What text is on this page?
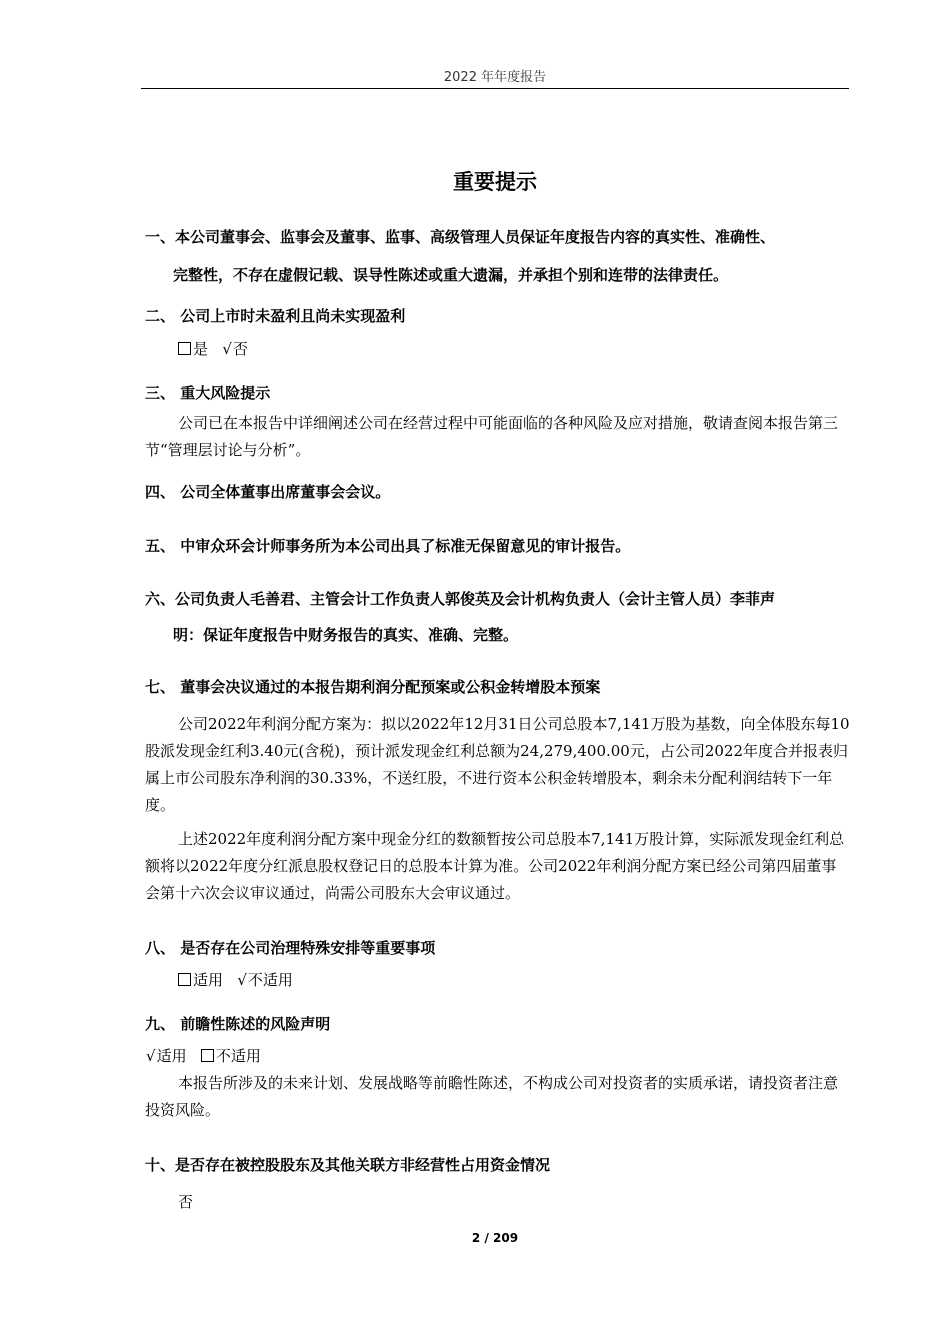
2022 年年度报告
重要提示
一、本公司董事会、监事会及董事、监事、高级管理人员保证年度报告内容的真实性、准确性、
完整性，不存在虚假记载、误导性陈述或重大遗漏，并承担个别和连带的法律责任。
二、 公司上市时未盈利且尚未实现盈利
是 √否
三、 重大风险提示
公司已在本报告中详细阐述公司在经营过程中可能面临的各种风险及应对措施，敬请查阅本报告第三节“管理层讨论与分析”。
四、 公司全体董事出席董事会会议。
五、 中审众环会计师事务所为本公司出具了标准无保留意见的审计报告。
六、公司负责人毛善君、主管会计工作负责人郭俊英及会计机构负责人（会计主管人员）李菲声
明：保证年度报告中财务报告的真实、准确、完整。
七、 董事会决议通过的本报告期利润分配预案或公积金转增股本预案
公司2022年利润分配方案为：拟以2022年12月31日公司总股本7,141万股为基数，向全体股东每10股派发现金红利3.40元(含税)，预计派发现金红利总额为24,279,400.00元，占公司2022年度合并报表归属上市公司股东净利润的30.33%，不送红股，不进行资本公积金转增股本，剩余未分配利润结转下一年度。
上述2022年度利润分配方案中现金分红的数额暂按公司总股本7,141万股计算，实际派发现金红利总额将以2022年度分红派息股权登记日的总股本计算为准。公司2022年利润分配方案已经公司第四届董事会第十六次会议审议通过，尚需公司股东大会审议通过。
八、 是否存在公司治理特殊安排等重要事项
适用 √不适用
九、 前瞻性陈述的风险声明
√适用 不适用
本报告所涉及的未来计划、发展战略等前瞻性陈述，不构成公司对投资者的实质承诺，请投资者注意投资风险。
十、是否存在被控股股东及其他关联方非经营性占用资金情况
否
2 / 209
